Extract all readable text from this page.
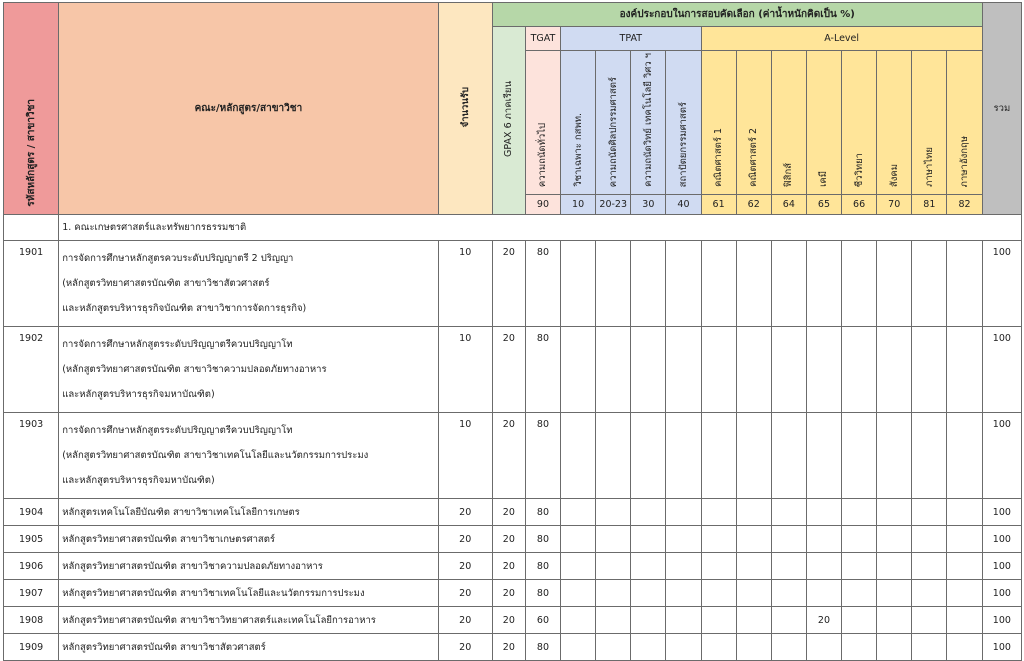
รหัสหลักสูตร / สาขาวิชา	คณะ/หลักสูตร/สาขาวิชา	จำนวนรับ	องค์ประกอบในการสอบคัดเลือก (ค่าน้ำหนักคิดเป็น %)														รวม
			GPAX 6 ภาคเรียน	TGAT	TPAT				A-Level								
				ความถนัดทั่วไป	วิชาเฉพาะ กสพท.	ความถนัดศิลปกรรมศาสตร์	ความถนัดวิทย์ เทคโนโลยี วิศว ฯ	สถาปัตยกรรมศาสตร์	คณิตศาสตร์ 1	คณิตศาสตร์ 2	ฟิสิกส์	เคมี	ชีววิทยา	สังคม	ภาษาไทย	ภาษาอังกฤษ	
				90	10	20-23	30	40	61	62	64	65	66	70	81	82	
	1. คณะเกษตรศาสตร์และทรัพยากรธรรมชาติ																
1901	การจัดการศึกษาหลักสูตรควบระดับปริญญาตรี 2 ปริญญา
(หลักสูตรวิทยาศาสตรบัณฑิต สาขาวิชาสัตวศาสตร์
และหลักสูตรบริหารธุรกิจบัณฑิต สาขาวิชาการจัดการธุรกิจ)	10	20	80													100
1902	การจัดการศึกษาหลักสูตรระดับปริญญาตรีควบปริญญาโท
(หลักสูตรวิทยาศาสตรบัณฑิต สาขาวิชาความปลอดภัยทางอาหาร
และหลักสูตรบริหารธุรกิจมหาบัณฑิต)	10	20	80													100
1903	การจัดการศึกษาหลักสูตรระดับปริญญาตรีควบปริญญาโท
(หลักสูตรวิทยาศาสตรบัณฑิต สาขาวิชาเทคโนโลยีและนวัตกรรมการประมง
และหลักสูตรบริหารธุรกิจมหาบัณฑิต)	10	20	80													100
1904	หลักสูตรเทคโนโลยีบัณฑิต สาขาวิชาเทคโนโลยีการเกษตร	20	20	80													100
1905	หลักสูตรวิทยาศาสตรบัณฑิต สาขาวิชาเกษตรศาสตร์	20	20	80													100
1906	หลักสูตรวิทยาศาสตรบัณฑิต สาขาวิชาความปลอดภัยทางอาหาร	20	20	80													100
1907	หลักสูตรวิทยาศาสตรบัณฑิต สาขาวิชาเทคโนโลยีและนวัตกรรมการประมง	20	20	80													100
1908	หลักสูตรวิทยาศาสตรบัณฑิต สาขาวิชาวิทยาศาสตร์และเทคโนโลยีการอาหาร	20	20	60								20					100
1909	หลักสูตรวิทยาศาสตรบัณฑิต สาขาวิชาสัตวศาสตร์	20	20	80													100
